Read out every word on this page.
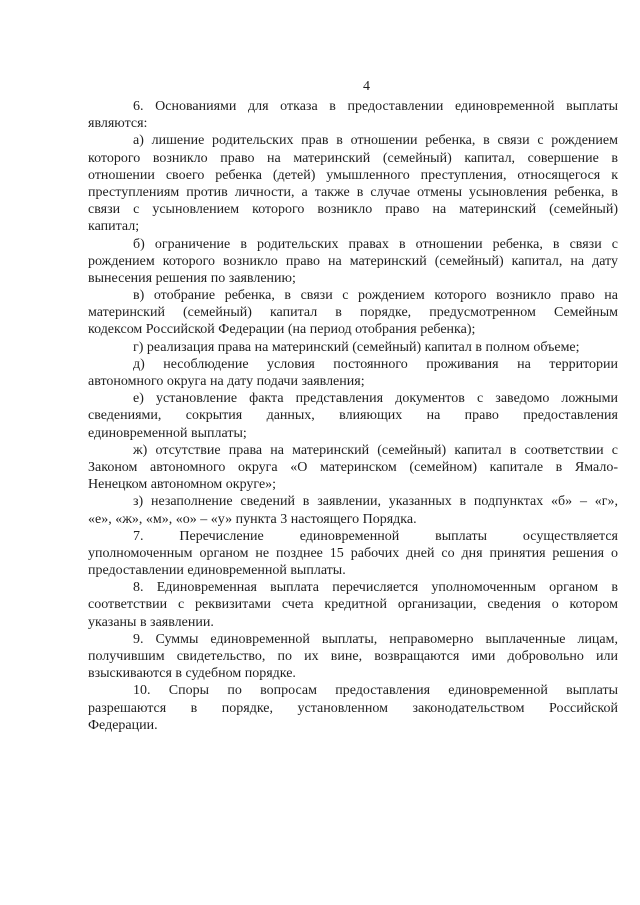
4
6. Основаниями для отказа в предоставлении единовременной выплаты
являются:
а) лишение родительских прав в отношении ребенка, в связи с рождением
которого возникло право на материнский (семейный) капитал, совершение в
отношении своего ребенка (детей) умышленного преступления, относящегося к
преступлениям против личности, а также в случае отмены усыновления ребенка, в
связи с усыновлением которого возникло право на материнский (семейный)
капитал;
б) ограничение в родительских правах в отношении ребенка, в связи с
рождением которого возникло право на материнский (семейный) капитал, на дату
вынесения решения по заявлению;
в) отобрание ребенка, в связи с рождением которого возникло право на
материнский (семейный) капитал в порядке, предусмотренном Семейным
кодексом Российской Федерации (на период отобрания ребенка);
г) реализация права на материнский (семейный) капитал в полном объеме;
д) несоблюдение условия постоянного проживания на территории
автономного округа на дату подачи заявления;
е) установление факта представления документов с заведомо ложными
сведениями, сокрытия данных, влияющих на право предоставления
единовременной выплаты;
ж) отсутствие права на материнский (семейный) капитал в соответствии с
Законом автономного округа «О материнском (семейном) капитале в Ямало-
Ненецком автономном округе»;
з) незаполнение сведений в заявлении, указанных в подпунктах «б» – «г»,
«е», «ж», «м», «о» – «у» пункта 3 настоящего Порядка.
7. Перечисление единовременной выплаты осуществляется
уполномоченным органом не позднее 15 рабочих дней со дня принятия решения о
предоставлении единовременной выплаты.
8. Единовременная выплата перечисляется уполномоченным органом в
соответствии с реквизитами счета кредитной организации, сведения о котором
указаны в заявлении.
9. Суммы единовременной выплаты, неправомерно выплаченные лицам,
получившим свидетельство, по их вине, возвращаются ими добровольно или
взыскиваются в судебном порядке.
10. Споры по вопросам предоставления единовременной выплаты
разрешаются в порядке, установленном законодательством Российской
Федерации.
